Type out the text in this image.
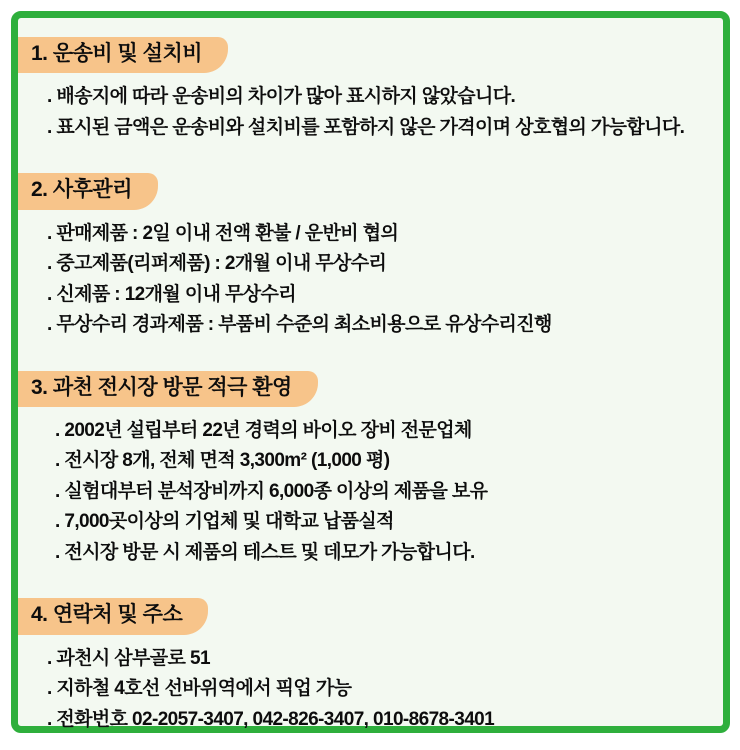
1. 운송비 및 설치비
. 배송지에 따라 운송비의 차이가 많아 표시하지 않았습니다.
. 표시된 금액은 운송비와 설치비를 포함하지 않은 가격이며 상호협의 가능합니다.
2. 사후관리
. 판매제품 : 2일 이내 전액 환불 / 운반비 협의
. 중고제품(리퍼제품) : 2개월 이내 무상수리
. 신제품 : 12개월 이내 무상수리
. 무상수리 경과제품 : 부품비 수준의 최소비용으로 유상수리진행
3. 과천 전시장 방문 적극 환영
. 2002년 설립부터 22년 경력의 바이오 장비 전문업체
. 전시장 8개, 전체 면적 3,300m² (1,000 평)
. 실험대부터 분석장비까지 6,000종 이상의 제품을 보유
. 7,000곳이상의 기업체 및 대학교 납품실적
. 전시장 방문 시 제품의 테스트 및 데모가 가능합니다.
4. 연락처 및 주소
. 과천시 삼부골로 51
. 지하철 4호선 선바위역에서 픽업 가능
. 전화번호 02-2057-3407, 042-826-3407, 010-8678-3401
